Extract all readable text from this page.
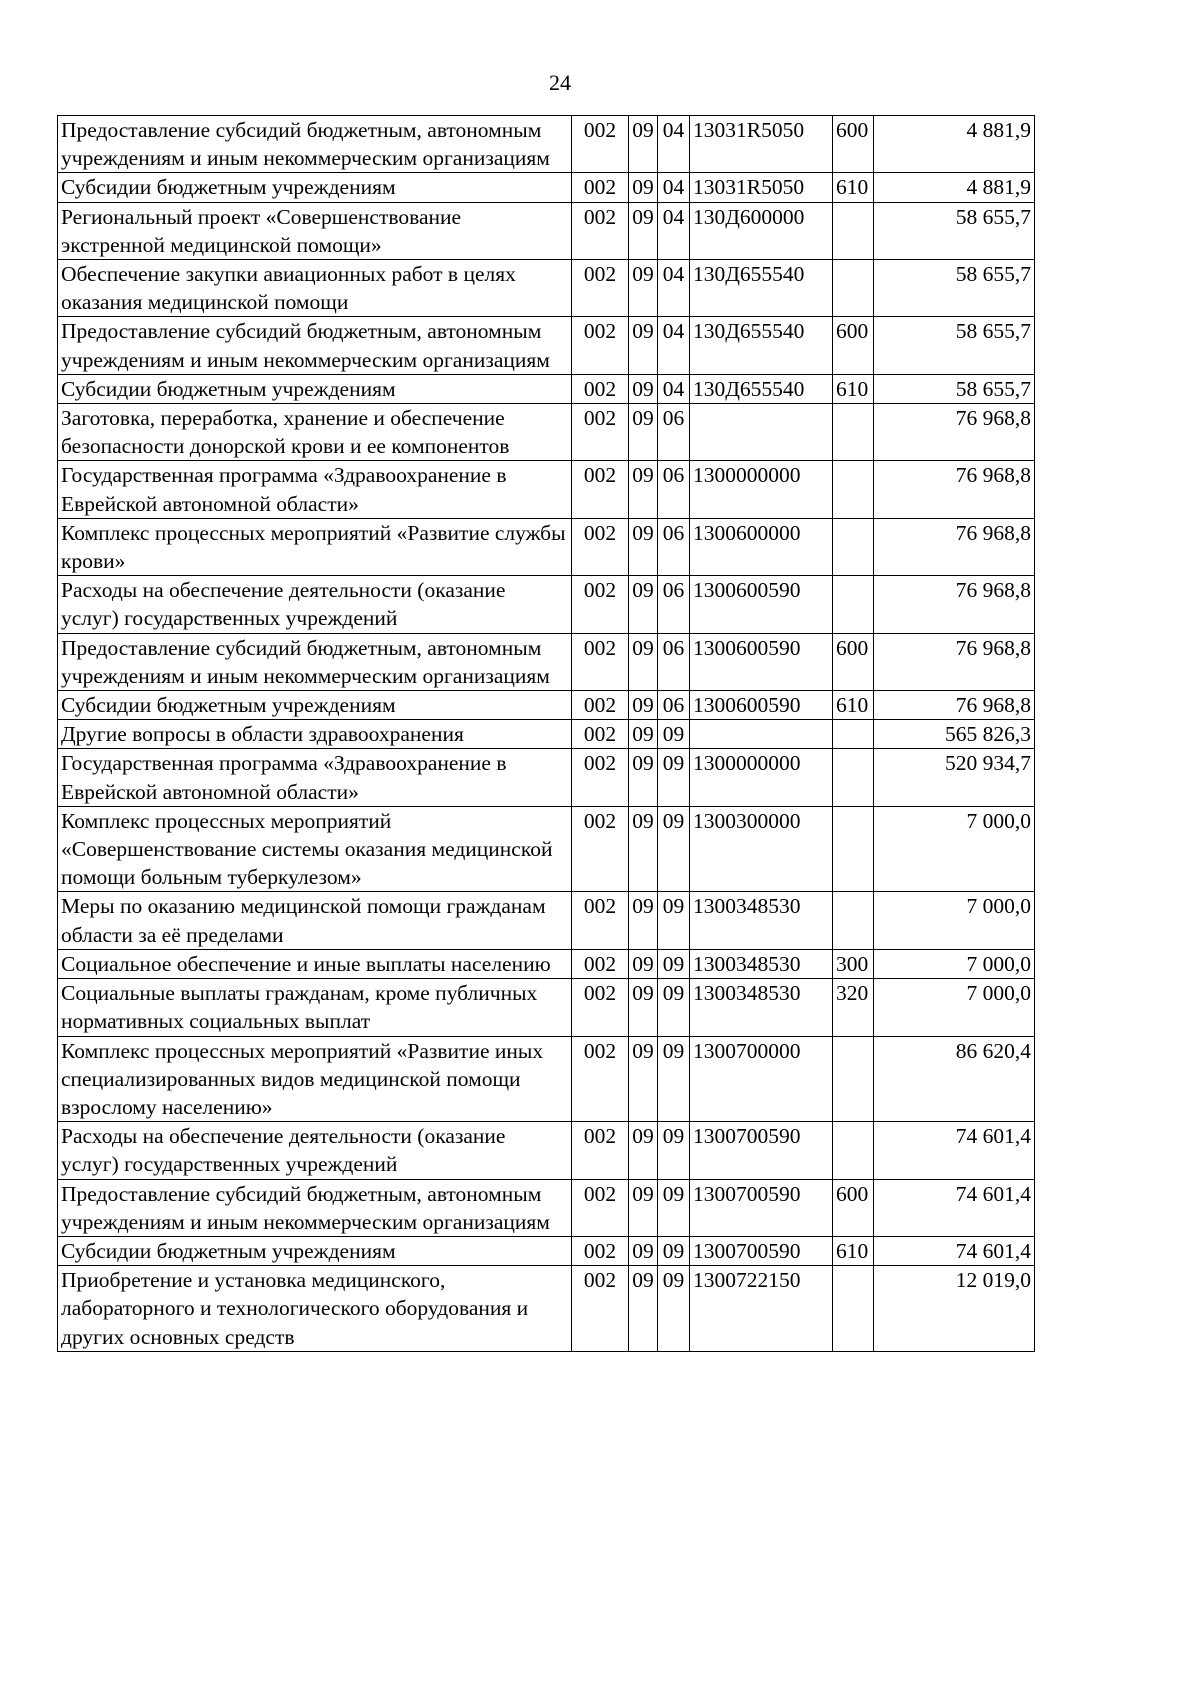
24
Предоставление субсидий бюджетным, автономным учреждениям и иным некоммерческим организациям	002	09	04	13031R5050	600	4 881,9
Субсидии бюджетным учреждениям	002	09	04	13031R5050	610	4 881,9
Региональный проект «Совершенствование экстренной медицинской помощи»	002	09	04	130Д600000		58 655,7
Обеспечение закупки авиационных работ в целях оказания медицинской помощи	002	09	04	130Д655540		58 655,7
Предоставление субсидий бюджетным, автономным учреждениям и иным некоммерческим организациям	002	09	04	130Д655540	600	58 655,7
Субсидии бюджетным учреждениям	002	09	04	130Д655540	610	58 655,7
Заготовка, переработка, хранение и обеспечение безопасности донорской крови и ее компонентов	002	09	06			76 968,8
Государственная программа «Здравоохранение в Еврейской автономной области»	002	09	06	1300000000		76 968,8
Комплекс процессных мероприятий «Развитие службы крови»	002	09	06	1300600000		76 968,8
Расходы на обеспечение деятельности (оказание услуг) государственных учреждений	002	09	06	1300600590		76 968,8
Предоставление субсидий бюджетным, автономным учреждениям и иным некоммерческим организациям	002	09	06	1300600590	600	76 968,8
Субсидии бюджетным учреждениям	002	09	06	1300600590	610	76 968,8
Другие вопросы в области здравоохранения	002	09	09			565 826,3
Государственная программа «Здравоохранение в Еврейской автономной области»	002	09	09	1300000000		520 934,7
Комплекс процессных мероприятий «Совершенствование системы оказания медицинской помощи больным туберкулезом»	002	09	09	1300300000		7 000,0
Меры по оказанию медицинской помощи гражданам области за её пределами	002	09	09	1300348530		7 000,0
Социальное обеспечение и иные выплаты населению	002	09	09	1300348530	300	7 000,0
Социальные выплаты гражданам, кроме публичных нормативных социальных выплат	002	09	09	1300348530	320	7 000,0
Комплекс процессных мероприятий «Развитие иных специализированных видов медицинской помощи взрослому населению»	002	09	09	1300700000		86 620,4
Расходы на обеспечение деятельности (оказание услуг) государственных учреждений	002	09	09	1300700590		74 601,4
Предоставление субсидий бюджетным, автономным учреждениям и иным некоммерческим организациям	002	09	09	1300700590	600	74 601,4
Субсидии бюджетным учреждениям	002	09	09	1300700590	610	74 601,4
Приобретение и установка медицинского, лабораторного и технологического оборудования и других основных средств	002	09	09	1300722150		12 019,0
